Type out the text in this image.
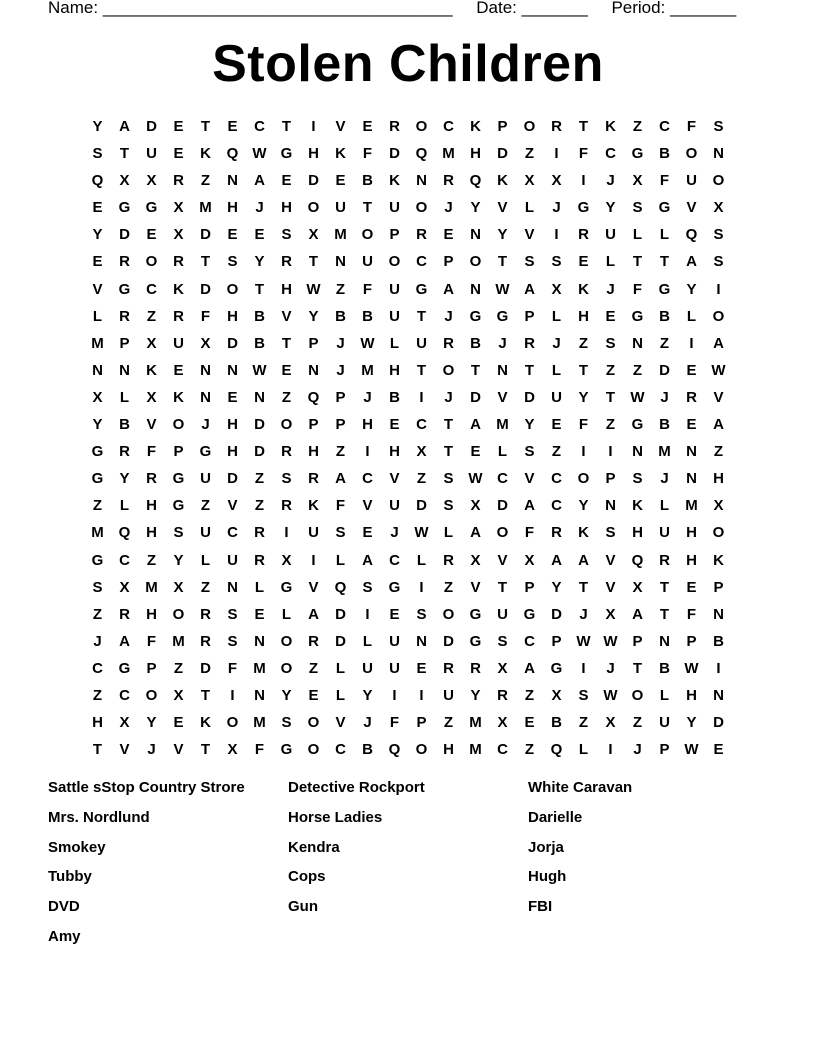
Name: _____________________________________ Date: _______ Period: _______
Stolen Children
Y	A	D	E	T	E	C	T	I	V	E	R	O	C	K	P	O	R	T	K	Z	C	F	S
S	T	U	E	K	Q W G	H	K	F	D	Q M	H	D	Z	I	F	C	G	B	O	N
Q	X	X	R	Z	N	A	E	D	E	B	K	N	R	Q	K	X	X	I	J	X	F	U	O
E	G	G	X	M	H	J	H	O	U	T	U	O	J	Y	V	L	J	G	Y	S	G	V	X
Y	D	E	X	D	E	E	S	X	M O	P	R	E	N	Y	V	I	R	U	L	L	Q	S
E	R	O	R	T	S	Y	R	T	N	U	O	C	P	O	T	S	S	E	L	T	T	A	S
V	G	C	K	D	O	T	H W	Z	F	U	G	A	N W A	X	K	J	F	G	Y	I
L	R	Z	R	F	H	B	V	Y	B	B	U	T	J	G	G	P	L	H	E	G	B	L	O
M	P	X	U	X	D	B	T	P	J	W	L	U	R	B	J	R	J	Z	S	N	Z	I	A
N	N	K	E	N	N W E	N	J	M	H	T	O	T	N	T	L	T	Z	Z	D	E W
X	L	X	K	N	E	N	Z	Q	P	J	B	I	J	D	V	D	U	Y	T	W	J	R	V
Y	B	V	O	J	H	D	O	P	P	H	E	C	T	A	M	Y	E	F	Z	G	B	E	A
G	R	F	P	G	H	D	R	H	Z	I	H	X	T	E	L	S	Z	I	I	N	M	N	Z
G	Y	R	G	U	D	Z	S	R	A	C	V	Z	S W C	V	C	O	P	S	J	N	H
Z	L	H	G	Z	V	Z	R	K	F	V	U	D	S	X	D	A	C	Y	N	K	L	M	X
M Q	H	S	U	C	R	I	U	S	E	J	W	L	A	O	F	R	K	S	H	U	H	O
G	C	Z	Y	L	U	R	X	I	L	A	C	L	R	X	V	X	A	A	V	Q	R	H	K
S	X	M	X	Z	N	L	G	V	Q	S	G	I	Z	V	T	P	Y	T	V	X	T	E	P
Z	R	H	O	R	S	E	L	A	D	I	E	S	O	G	U	G	D	J	X	A	T	F	N
J	A	F	M	R	S	N	O	R	D	L	U	N	D	G	S	C	P W W P	N	P	B
C	G	P	Z	D	F	M O	Z	L	U	U	E	R	R	X	A	G	I	J	T	B W	I
Z	C	O	X	T	I	N	Y	E	L	Y	I	I	U	Y	R	Z	X	S W O	L	H	N
H	X	Y	E	K	O M	S	O	V	J	F	P	Z	M	X	E	B	Z	X	Z	U	Y	D
T	V	J	V	T	X	F	G	O	C	B	Q	O	H	M	C	Z	Q	L	I	J	P W E
Sattle sStop Country Strore	Detective Rockport	White Caravan
Mrs. Nordlund	Horse Ladies	Darielle
Smokey	Kendra	Jorja
Tubby	Cops	Hugh
DVD	Gun	FBI
Amy
